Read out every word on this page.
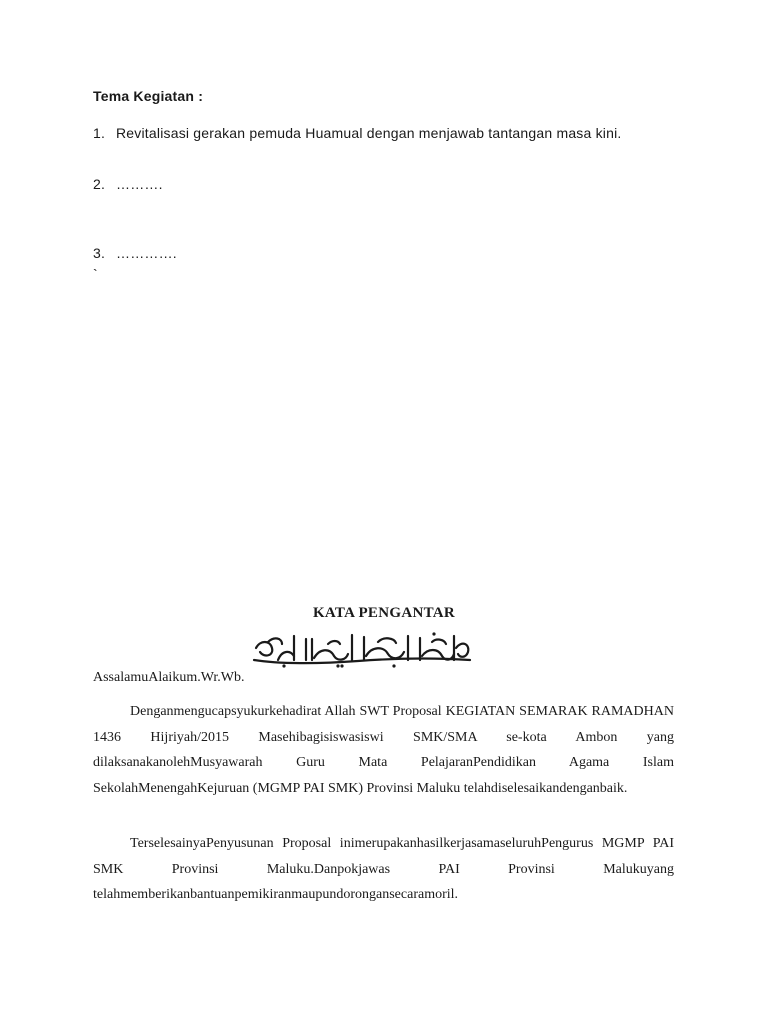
Tema Kegiatan :
1. Revitalisasi gerakan pemuda Huamual dengan menjawab tantangan masa kini.
2. ……….
3. ………….
`
KATA PENGANTAR
AssalamuAlaikum.Wr.Wb.

Denganmengucapsyukurkehadirat Allah SWT Proposal KEGIATAN SEMARAK RAMADHAN 1436 Hijriyah/2015 Masehibagisiswasiswi SMK/SMA se-kota Ambon yang dilaksanakanolehMusyawarah Guru Mata PelajaranPendidikan Agama Islam SekolahMenengahKejuruan (MGMP PAI SMK) Provinsi Maluku telahdiselesaikandenganbaik.

TerselesainyaPenyusunan Proposal inimerupakanhasilkerjasamaseluruhPengurus MGMP PAI SMK Provinsi Maluku.Danpokjawas PAI Provinsi Malukuyang telahmemberikanbantuanpemikiranmaupundorongansecaramoril.
